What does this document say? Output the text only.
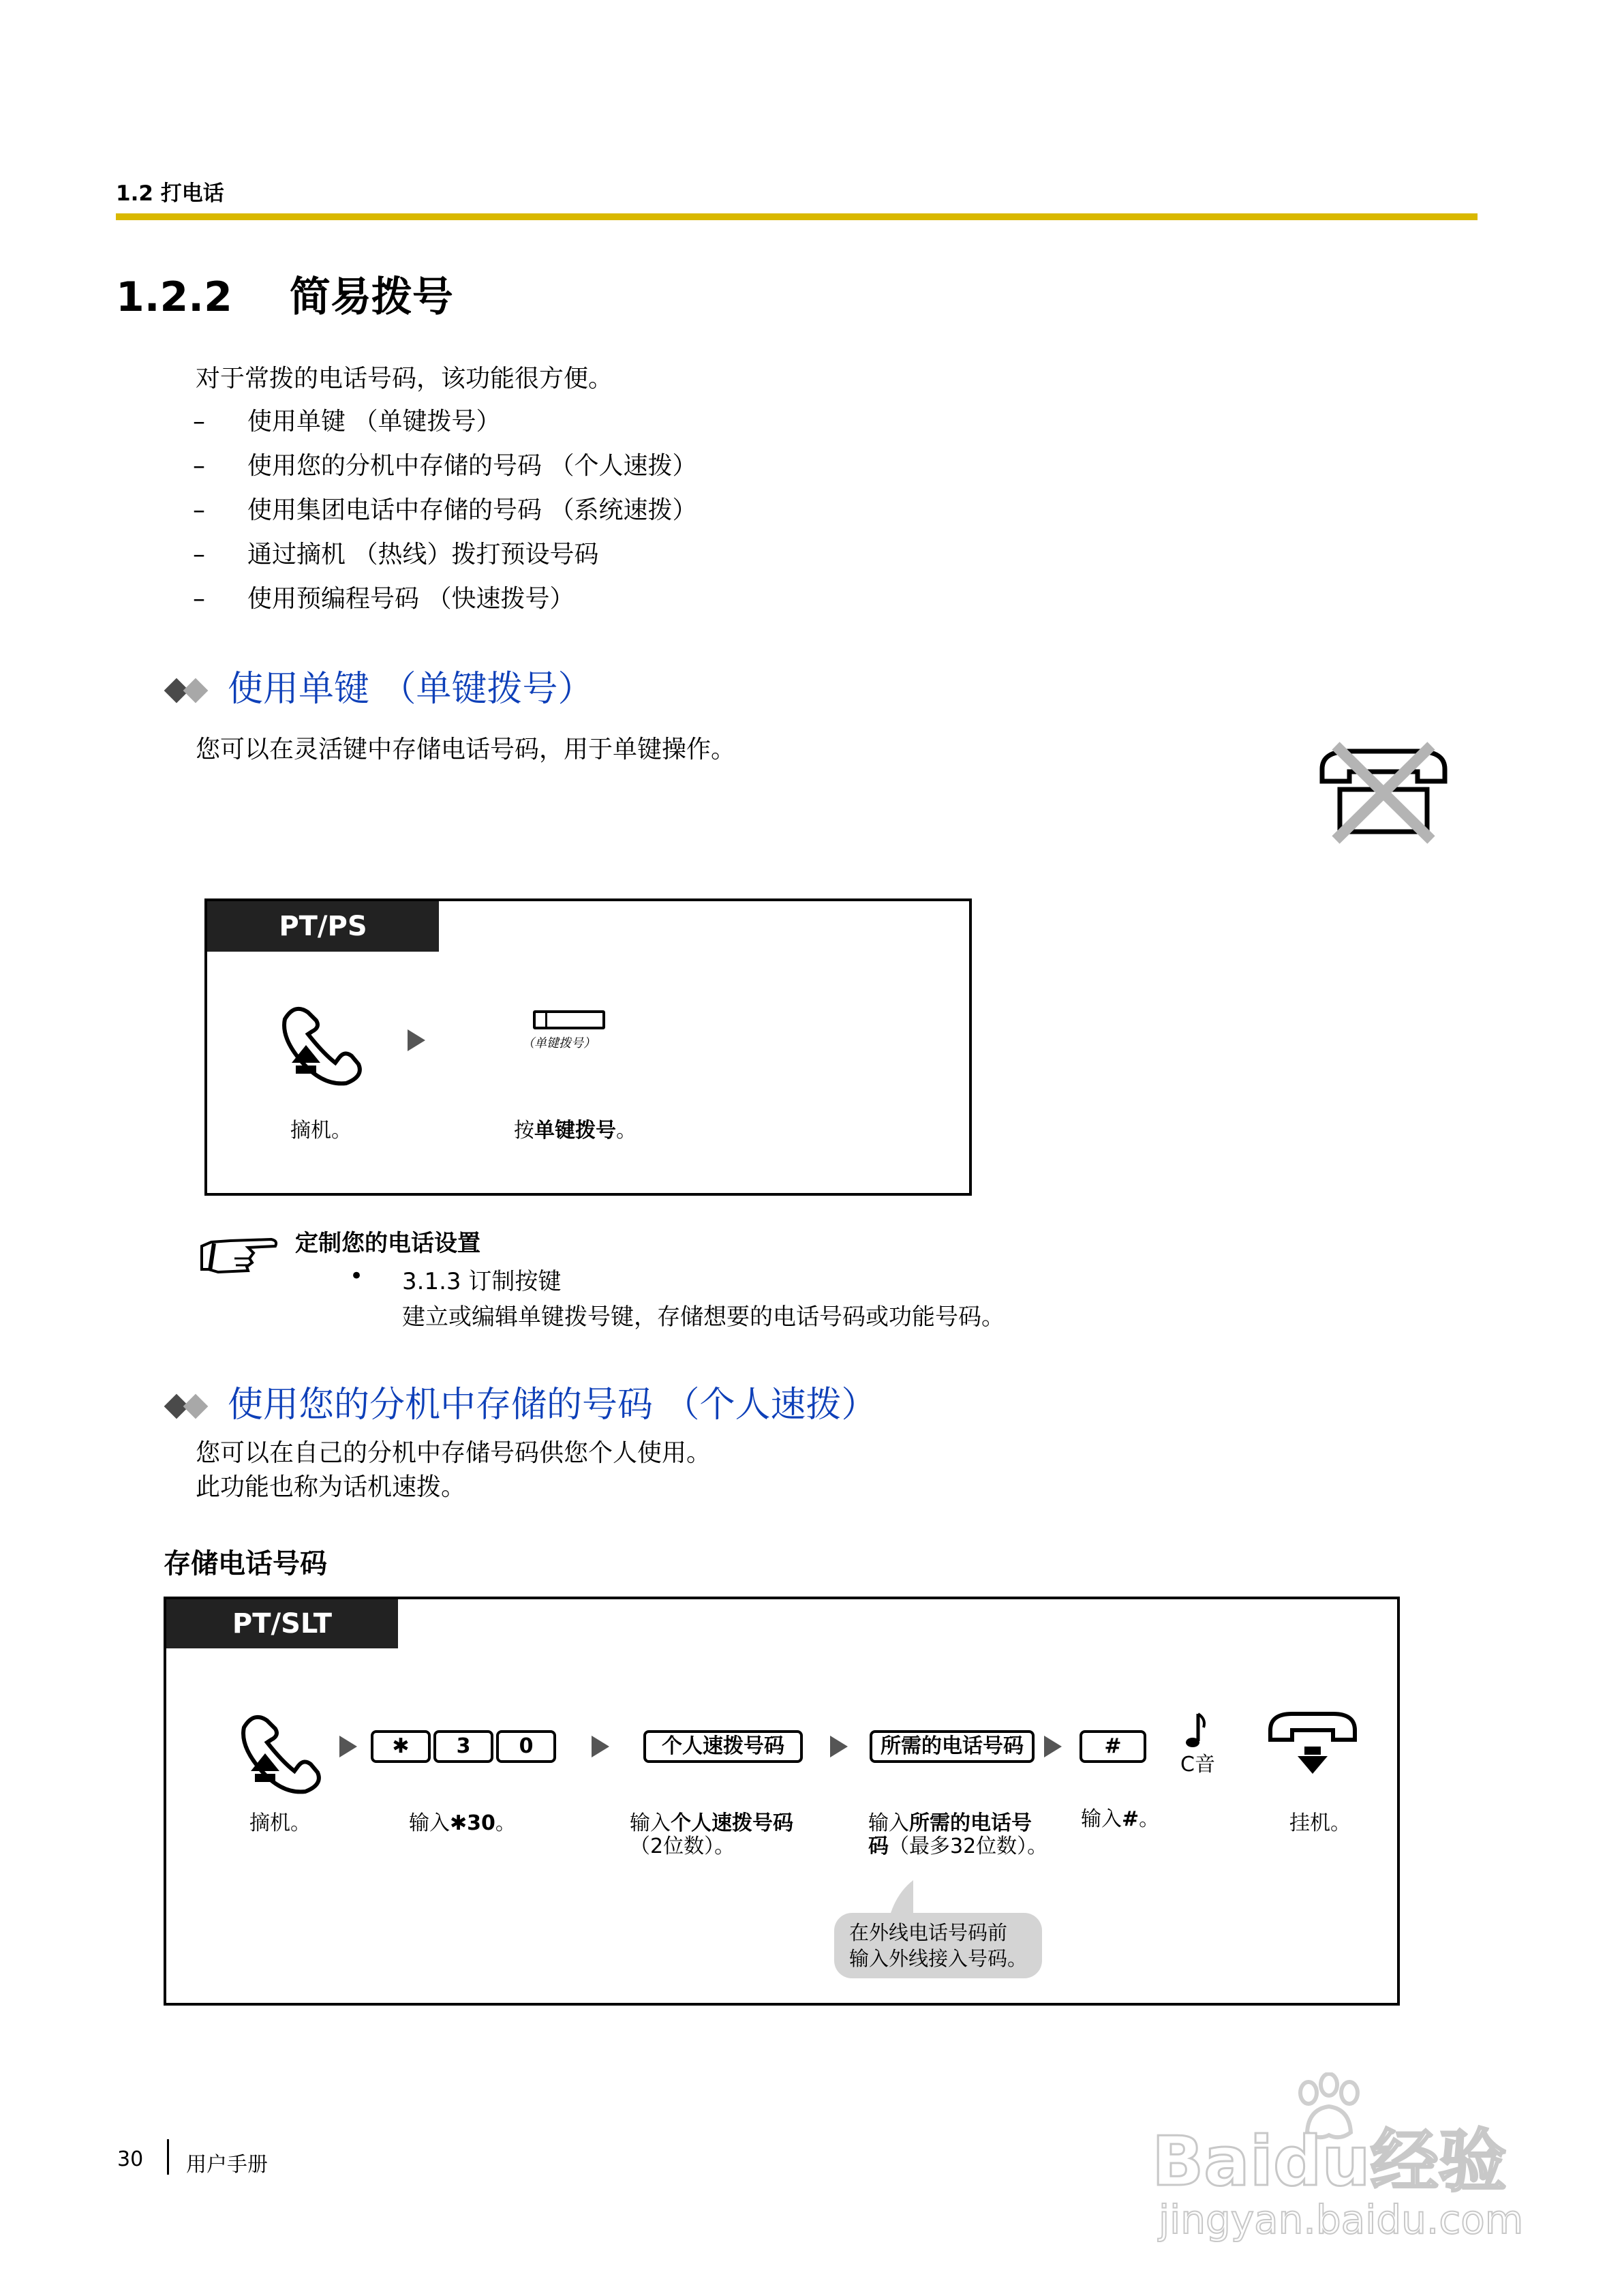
1.2 打电话
1.2.2 简易拨号
对于常拨的电话号码，该功能很方便。
– 使用单键 （单键拨号）
– 使用您的分机中存储的号码 （个人速拨）
– 使用集团电话中存储的号码 （系统速拨）
– 通过摘机 （热线）拨打预设号码
– 使用预编程号码 （快速拨号）
使用单键 （单键拨号）
您可以在灵活键中存储电话号码，用于单键操作。
PT/PS
（单键拨号）
摘机。	按单键拨号。
定制您的电话设置
• 3.1.3 订制按键
建立或编辑单键拨号键，存储想要的电话号码或功能号码。
使用您的分机中存储的号码 （个人速拨）
您可以在自己的分机中存储号码供您个人使用。
此功能也称为话机速拨。
存储电话号码
PT/SLT
✱	3	0	个人速拨号码	所需的电话号码	#
C音
摘机。	输入✱30。	输入个人速拨号码
（2位数）。
输入所需的电话号
码（最多32位数）。
输入#。	挂机。
在外线电话号码前
输入外线接入号码。
30 用户手册	Baidu经验
jingyan.baidu.com
